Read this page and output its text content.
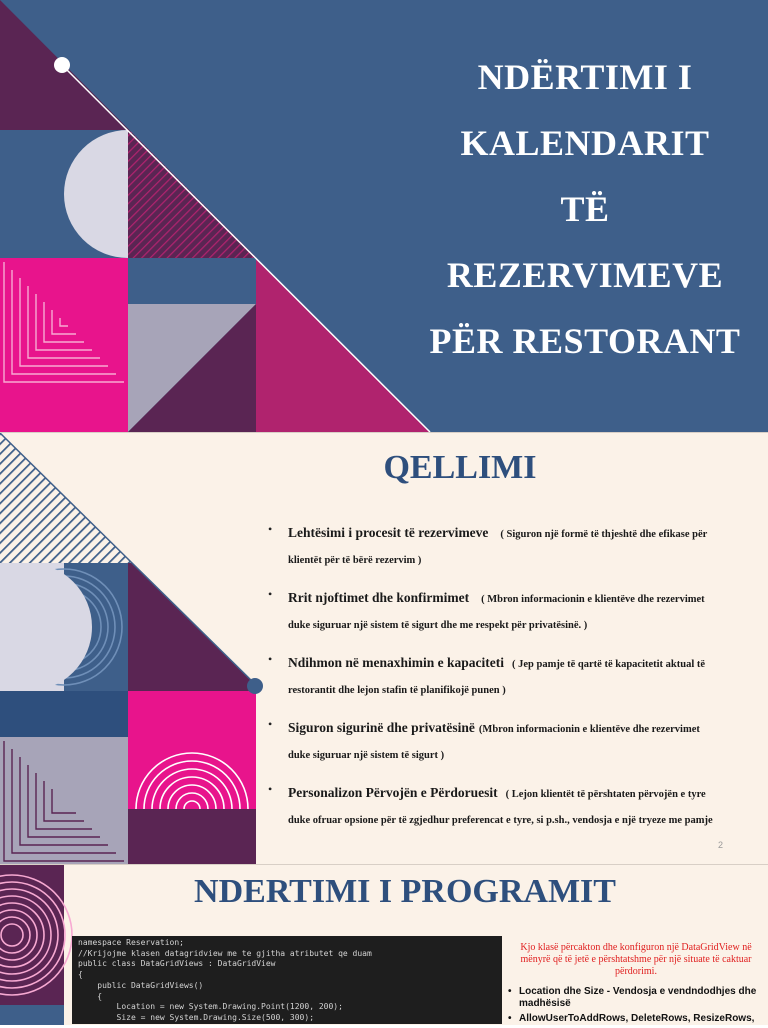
NDËRTIMI I
KALENDARIT
TË
REZERVIMEVE
PËR RESTORANT
QELLIMI
2
• Lehtësimi i procesit të rezervimeve ( Siguron një formë të thjeshtë dhe efikase për
klientët për të bërë rezervim )
• Rrit njoftimet dhe konfirmimet ( Mbron informacionin e klientëve dhe rezervimet
duke siguruar një sistem të sigurt dhe me respekt për privatësinë. )
• Ndihmon në menaxhimin e kapaciteti ( Jep pamje të qartë të kapacitetit aktual të
restorantit dhe lejon stafin të planifikojë punen )
• Siguron sigurinë dhe privatësinë (Mbron informacionin e klientëve dhe rezervimet
duke siguruar një sistem të sigurt )
• Personalizon Përvojën e Përdoruesit ( Lejon klientët të përshtaten përvojën e tyre
duke ofruar opsione për të zgjedhur preferencat e tyre, si p.sh., vendosja e një tryeze me pamje
NDERTIMI I PROGRAMIT
namespace Reservation;
//Krijojme klasen datagridview me te gjitha atributet qe duam
public class DataGridViews : DataGridView
{
public DataGridViews()
{
Location = new System.Drawing.Point(1200, 200);
Size = new System.Drawing.Size(500, 300);
Kjo klasë përcakton dhe konfiguron një DataGridView në mënyrë që të jetë e përshtatshme për një situate të caktuar përdorimi.
• Location dhe Size - Vendosja e vendndodhjes dhe madhësisë
• AllowUserToAddRows, DeleteRows, ResizeRows,
